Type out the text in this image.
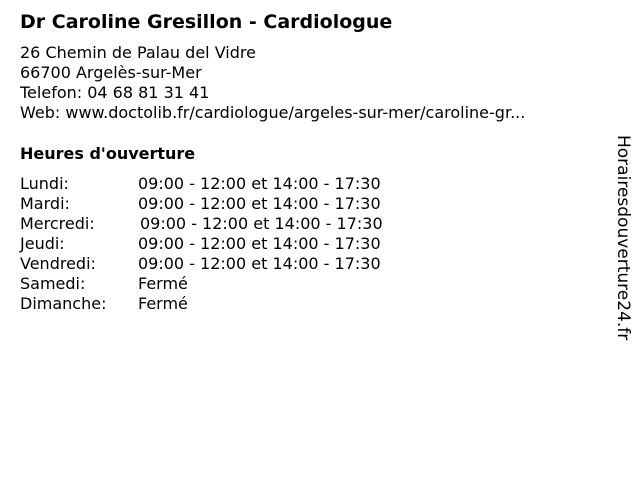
Dr Caroline Gresillon - Cardiologue
26 Chemin de Palau del Vidre
66700 Argelès-sur-Mer
Telefon: 04 68 81 31 41
Web: www.doctolib.fr/cardiologue/argeles-sur-mer/caroline-gr...
Heures d'ouverture
Lundi:	09:00 - 12:00 et 14:00 - 17:30
Mardi:	09:00 - 12:00 et 14:00 - 17:30
Mercredi:	09:00 - 12:00 et 14:00 - 17:30
Jeudi:	09:00 - 12:00 et 14:00 - 17:30
Vendredi:	09:00 - 12:00 et 14:00 - 17:30
Samedi:	Fermé
Dimanche: Fermé	Horairesdouverture24.fr
